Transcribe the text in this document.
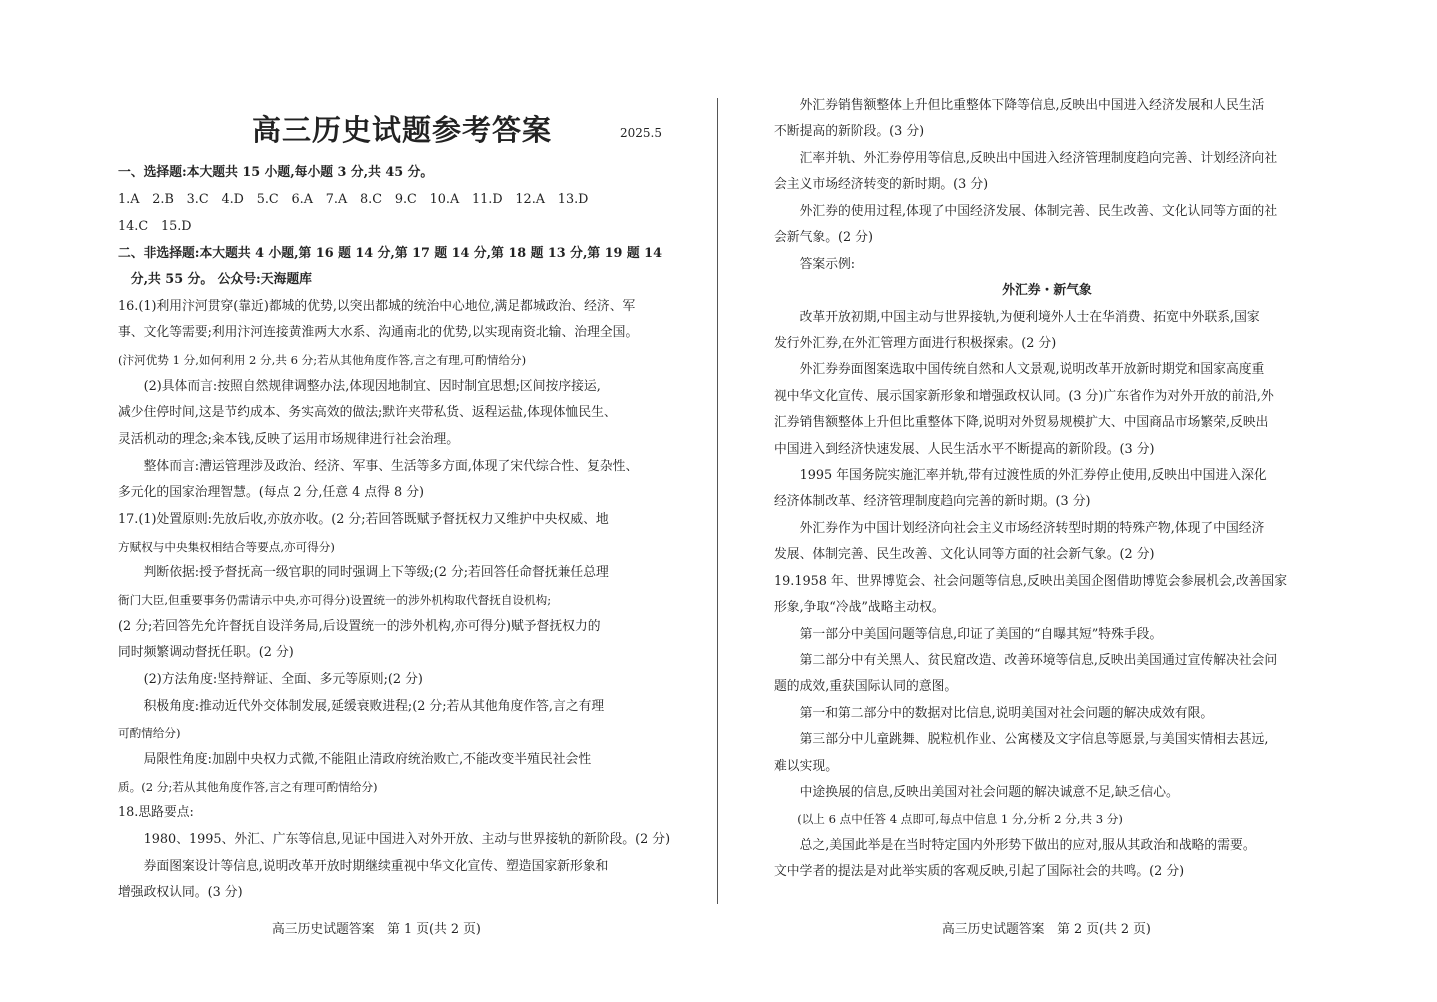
高三历史试题参考答案	2025.5
一、选择题:本大题共 15 小题,每小题 3 分,共 45 分。
1.A　2.B　3.C　4.D　5.C　6.A　7.A　8.C　9.C　10.A　11.D　12.A　13.D
14.C　15.D
二、非选择题:本大题共 4 小题,第 16 题 14 分,第 17 题 14 分,第 18 题 13 分,第 19 题 14
　分,共 55 分。 公众号:天海题库
16.(1)利用汴河贯穿(靠近)都城的优势,以突出都城的统治中心地位,满足都城政治、经济、军
事、文化等需要;利用汴河连接黄淮两大水系、沟通南北的优势,以实现南资北输、治理全国。
(汴河优势 1 分,如何利用 2 分,共 6 分;若从其他角度作答,言之有理,可酌情给分)
　　(2)具体而言:按照自然规律调整办法,体现因地制宜、因时制宜思想;区间按序接运,
减少住停时间,这是节约成本、务实高效的做法;默许夹带私货、返程运盐,体现体恤民生、
灵活机动的理念;籴本钱,反映了运用市场规律进行社会治理。
　　整体而言:漕运管理涉及政治、经济、军事、生活等多方面,体现了宋代综合性、复杂性、
多元化的国家治理智慧。(每点 2 分,任意 4 点得 8 分)
17.(1)处置原则:先放后收,亦放亦收。(2 分;若回答既赋予督抚权力又维护中央权威、地
方赋权与中央集权相结合等要点,亦可得分)
　　判断依据:授予督抚高一级官职的同时强调上下等级;(2 分;若回答任命督抚兼任总理
衙门大臣,但重要事务仍需请示中央,亦可得分)设置统一的涉外机构取代督抚自设机构;
(2 分;若回答先允许督抚自设洋务局,后设置统一的涉外机构,亦可得分)赋予督抚权力的
同时频繁调动督抚任职。(2 分)
　　(2)方法角度:坚持辩证、全面、多元等原则;(2 分)
　　积极角度:推动近代外交体制发展,延缓衰败进程;(2 分;若从其他角度作答,言之有理
可酌情给分)
　　局限性角度:加剧中央权力式微,不能阻止清政府统治败亡,不能改变半殖民社会性
质。(2 分;若从其他角度作答,言之有理可酌情给分)
18.思路要点:
　　1980、1995、外汇、广东等信息,见证中国进入对外开放、主动与世界接轨的新阶段。(2 分)
　　券面图案设计等信息,说明改革开放时期继续重视中华文化宣传、塑造国家新形象和
增强政权认同。(3 分)
　　外汇券销售额整体上升但比重整体下降等信息,反映出中国进入经济发展和人民生活
不断提高的新阶段。(3 分)
　　汇率并轨、外汇券停用等信息,反映出中国进入经济管理制度趋向完善、计划经济向社
会主义市场经济转变的新时期。(3 分)
　　外汇券的使用过程,体现了中国经济发展、体制完善、民生改善、文化认同等方面的社
会新气象。(2 分)
　　答案示例:
外汇券・新气象
　　改革开放初期,中国主动与世界接轨,为便利境外人士在华消费、拓宽中外联系,国家
发行外汇券,在外汇管理方面进行积极探索。(2 分)
　　外汇券券面图案选取中国传统自然和人文景观,说明改革开放新时期党和国家高度重
视中华文化宣传、展示国家新形象和增强政权认同。(3 分)广东省作为对外开放的前沿,外
汇券销售额整体上升但比重整体下降,说明对外贸易规模扩大、中国商品市场繁荣,反映出
中国进入到经济快速发展、人民生活水平不断提高的新阶段。(3 分)
　　1995 年国务院实施汇率并轨,带有过渡性质的外汇券停止使用,反映出中国进入深化
经济体制改革、经济管理制度趋向完善的新时期。(3 分)
　　外汇券作为中国计划经济向社会主义市场经济转型时期的特殊产物,体现了中国经济
发展、体制完善、民生改善、文化认同等方面的社会新气象。(2 分)
19.1958 年、世界博览会、社会问题等信息,反映出美国企图借助博览会参展机会,改善国家
形象,争取“冷战”战略主动权。
　　第一部分中美国问题等信息,印证了美国的“自曝其短”特殊手段。
　　第二部分中有关黑人、贫民窟改造、改善环境等信息,反映出美国通过宣传解决社会问
题的成效,重获国际认同的意图。
　　第一和第二部分中的数据对比信息,说明美国对社会问题的解决成效有限。
　　第三部分中儿童跳舞、脱粒机作业、公寓楼及文字信息等愿景,与美国实情相去甚远,
难以实现。
　　中途换展的信息,反映出美国对社会问题的解决诚意不足,缺乏信心。
　　(以上 6 点中任答 4 点即可,每点中信息 1 分,分析 2 分,共 3 分)
　　总之,美国此举是在当时特定国内外形势下做出的应对,服从其政治和战略的需要。
文中学者的提法是对此举实质的客观反映,引起了国际社会的共鸣。(2 分)
高三历史试题答案　第 1 页(共 2 页)	高三历史试题答案　第 2 页(共 2 页)
